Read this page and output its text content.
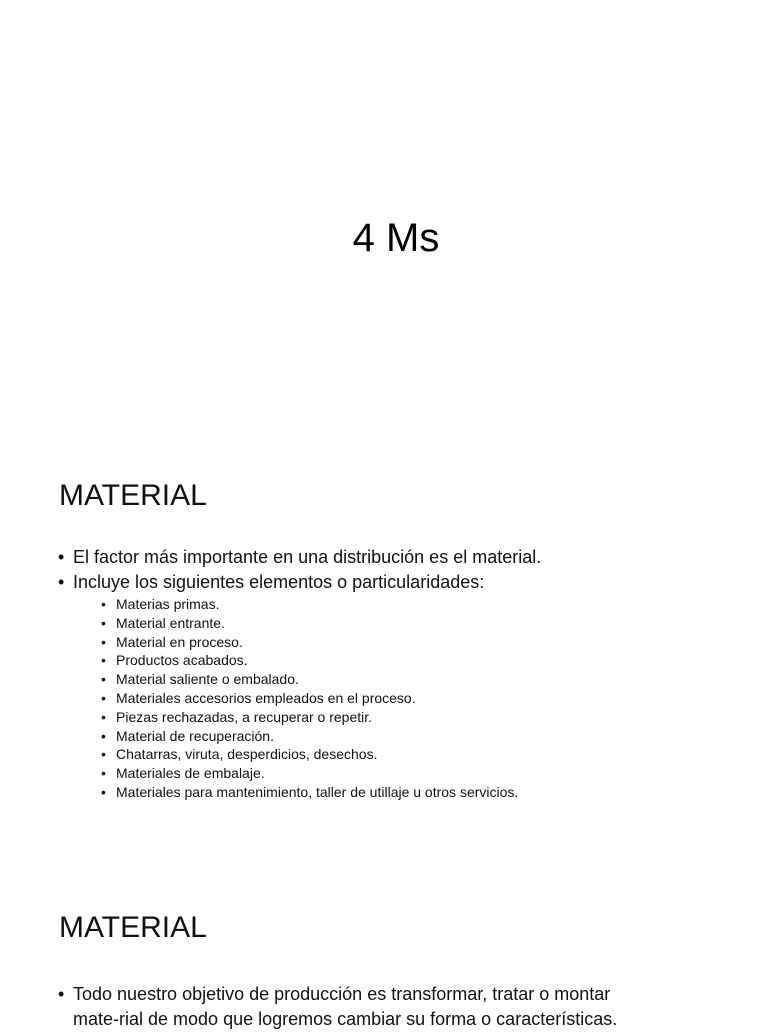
4 Ms
MATERIAL
• El factor más importante en una distribución es el material.
• Incluye los siguientes elementos o particularidades:
• Materias primas.
• Material entrante.
• Material en proceso.
• Productos acabados.
• Material saliente o embalado.
• Materiales accesorios empleados en el proceso.
• Piezas rechazadas, a recuperar o repetir.
• Material de recuperación.
• Chatarras, viruta, desperdicios, desechos.
• Materiales de embalaje.
• Materiales para mantenimiento, taller de utillaje u otros servicios.
MATERIAL
• Todo nuestro objetivo de producción es transformar, tratar o montar
mate-rial de modo que logremos cambiar su forma o características.
